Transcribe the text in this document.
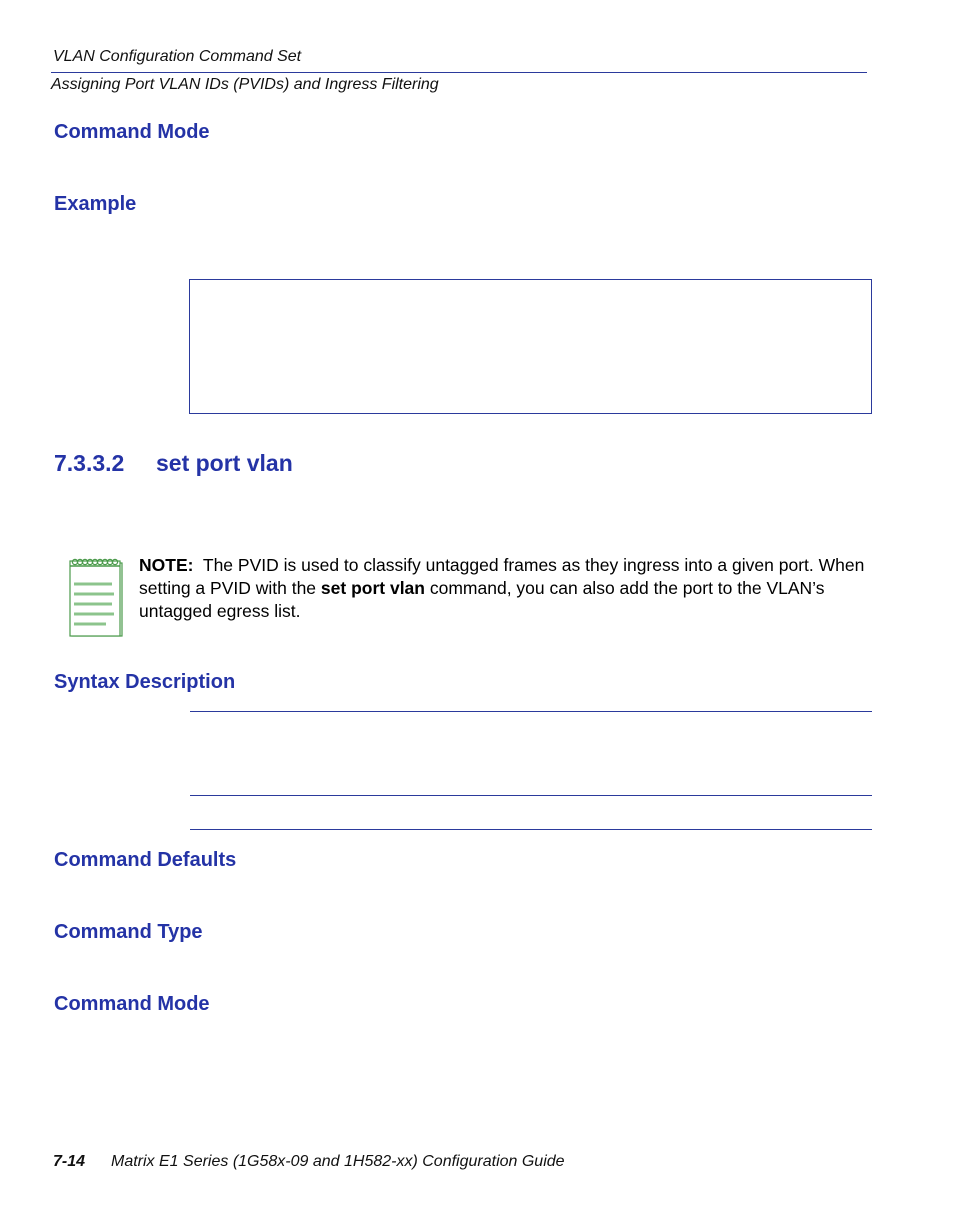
VLAN Configuration Command Set
Assigning Port VLAN IDs (PVIDs) and Ingress Filtering
Command Mode
Example
7.3.3.2 set port vlan
NOTE: The PVID is used to classify untagged frames as they ingress into a given port. When setting a PVID with the set port vlan command, you can also add the port to the VLAN’s untagged egress list.
Syntax Description
Command Defaults
Command Type
Command Mode
7-14 Matrix E1 Series (1G58x-09 and 1H582-xx) Configuration Guide
